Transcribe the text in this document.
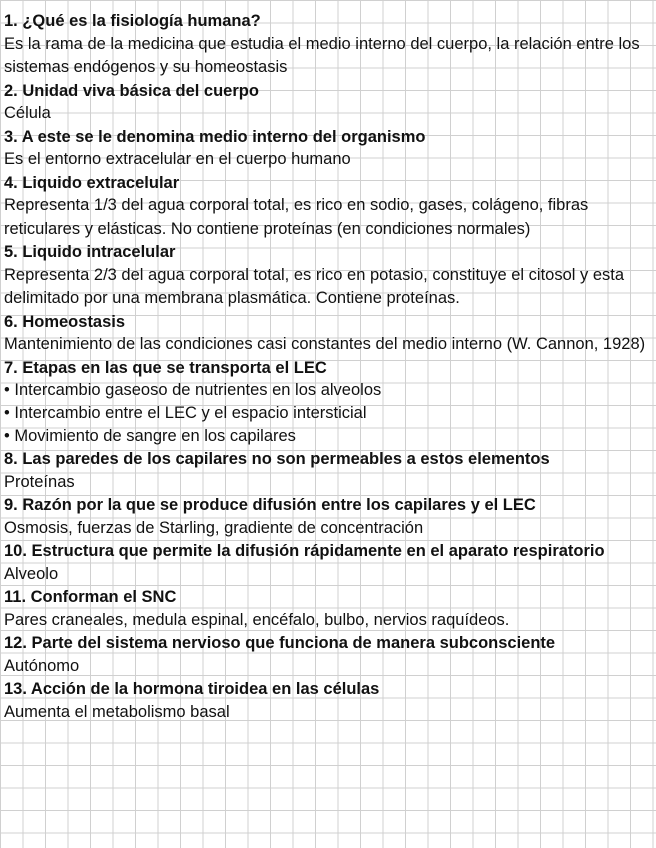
1. ¿Qué es la fisiología humana?

Es la rama de la medicina que estudia el medio interno del cuerpo, la relación entre los sistemas endógenos y su homeostasis

2. Unidad viva básica del cuerpo

Célula

3. A este se le denomina medio interno del organismo

Es el entorno extracelular en el cuerpo humano

4. Liquido extracelular

Representa 1/3 del agua corporal total, es rico en sodio, gases, colágeno, fibras reticulares y elásticas. No contiene proteínas (en condiciones normales)

5. Liquido intracelular

Representa 2/3 del agua corporal total, es rico en potasio, constituye el citosol y esta delimitado por una membrana plasmática. Contiene proteínas.

6. Homeostasis

Mantenimiento de las condiciones casi constantes del medio interno (W. Cannon, 1928)

7. Etapas en las que se transporta el LEC

• Intercambio gaseoso de nutrientes en los alveolos

• Intercambio entre el LEC y el espacio intersticial

• Movimiento de sangre en los capilares

8. Las paredes de los capilares no son permeables a estos elementos

Proteínas

9. Razón por la que se produce difusión entre los capilares y el LEC

Osmosis, fuerzas de Starling, gradiente de concentración

10. Estructura que permite la difusión rápidamente en el aparato respiratorio

Alveolo

11. Conforman el SNC

Pares craneales, medula espinal, encéfalo, bulbo, nervios raquídeos.

12. Parte del sistema nervioso que funciona de manera subconsciente

Autónomo

13. Acción de la hormona tiroidea en las células

Aumenta el metabolismo basal
